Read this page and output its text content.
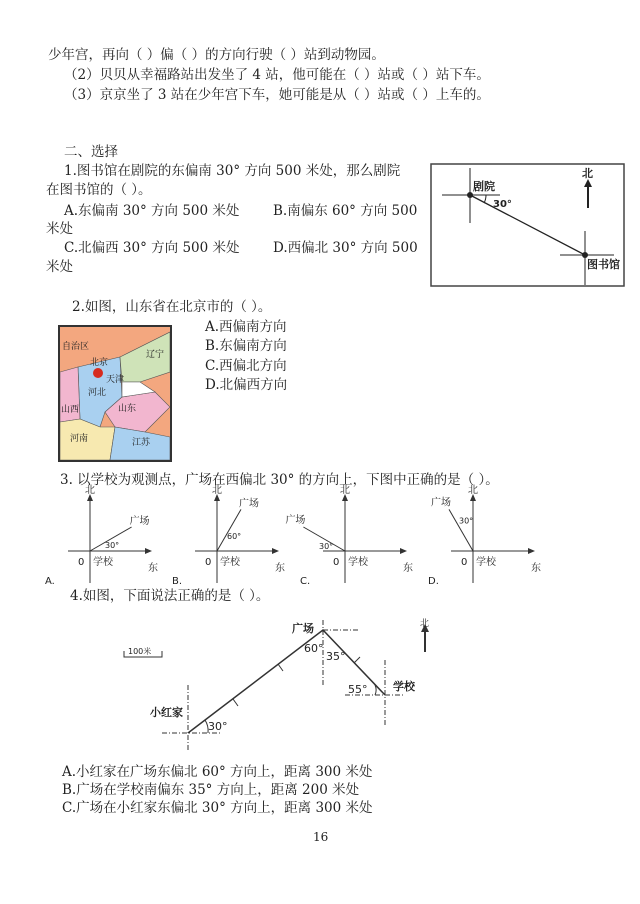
少年宫，再向（ ）偏（ ）的方向行驶（ ）站到动物园。
（2）贝贝从幸福路站出发坐了 4 站，他可能在（ ）站或（ ）站下车。
（3）京京坐了 3 站在少年宫下车，她可能是从（ ）站或（ ）上车的。
二、选择
1.图书馆在剧院的东偏南 30° 方向 500 米处，那么剧院
在图书馆的（ ）。
A.东偏南 30° 方向 500 米处 B.南偏东 60° 方向 500
米处
C.北偏西 30° 方向 500 米处 D.西偏北 30° 方向 500
米处
剧院
30°
北
图书馆
2.如图，山东省在北京市的（ ）。
自治区
北京
辽宁
天津
河北
山西	山东
河南	江苏
A.西偏南方向
B.东偏南方向
C.西偏北方向
D.北偏西方向
3. 以学校为观测点，广场在西偏北 30° 的方向上，下图中正确的是（ ）。
A.
北
东
0 学校
广场
30°
B.
北
东
0 学校
广场
60°
C.
北
东
0 学校
广场
30°
D.
北
东
0 学校
广场
30°
4.如图，下面说法正确的是（ ）。
100米
广场
小红家
学校
北
60°
35°
55°
30°
A.小红家在广场东偏北 60° 方向上，距离 300 米处
B.广场在学校南偏东 35° 方向上，距离 200 米处
C.广场在小红家东偏北 30° 方向上，距离 300 米处
16
